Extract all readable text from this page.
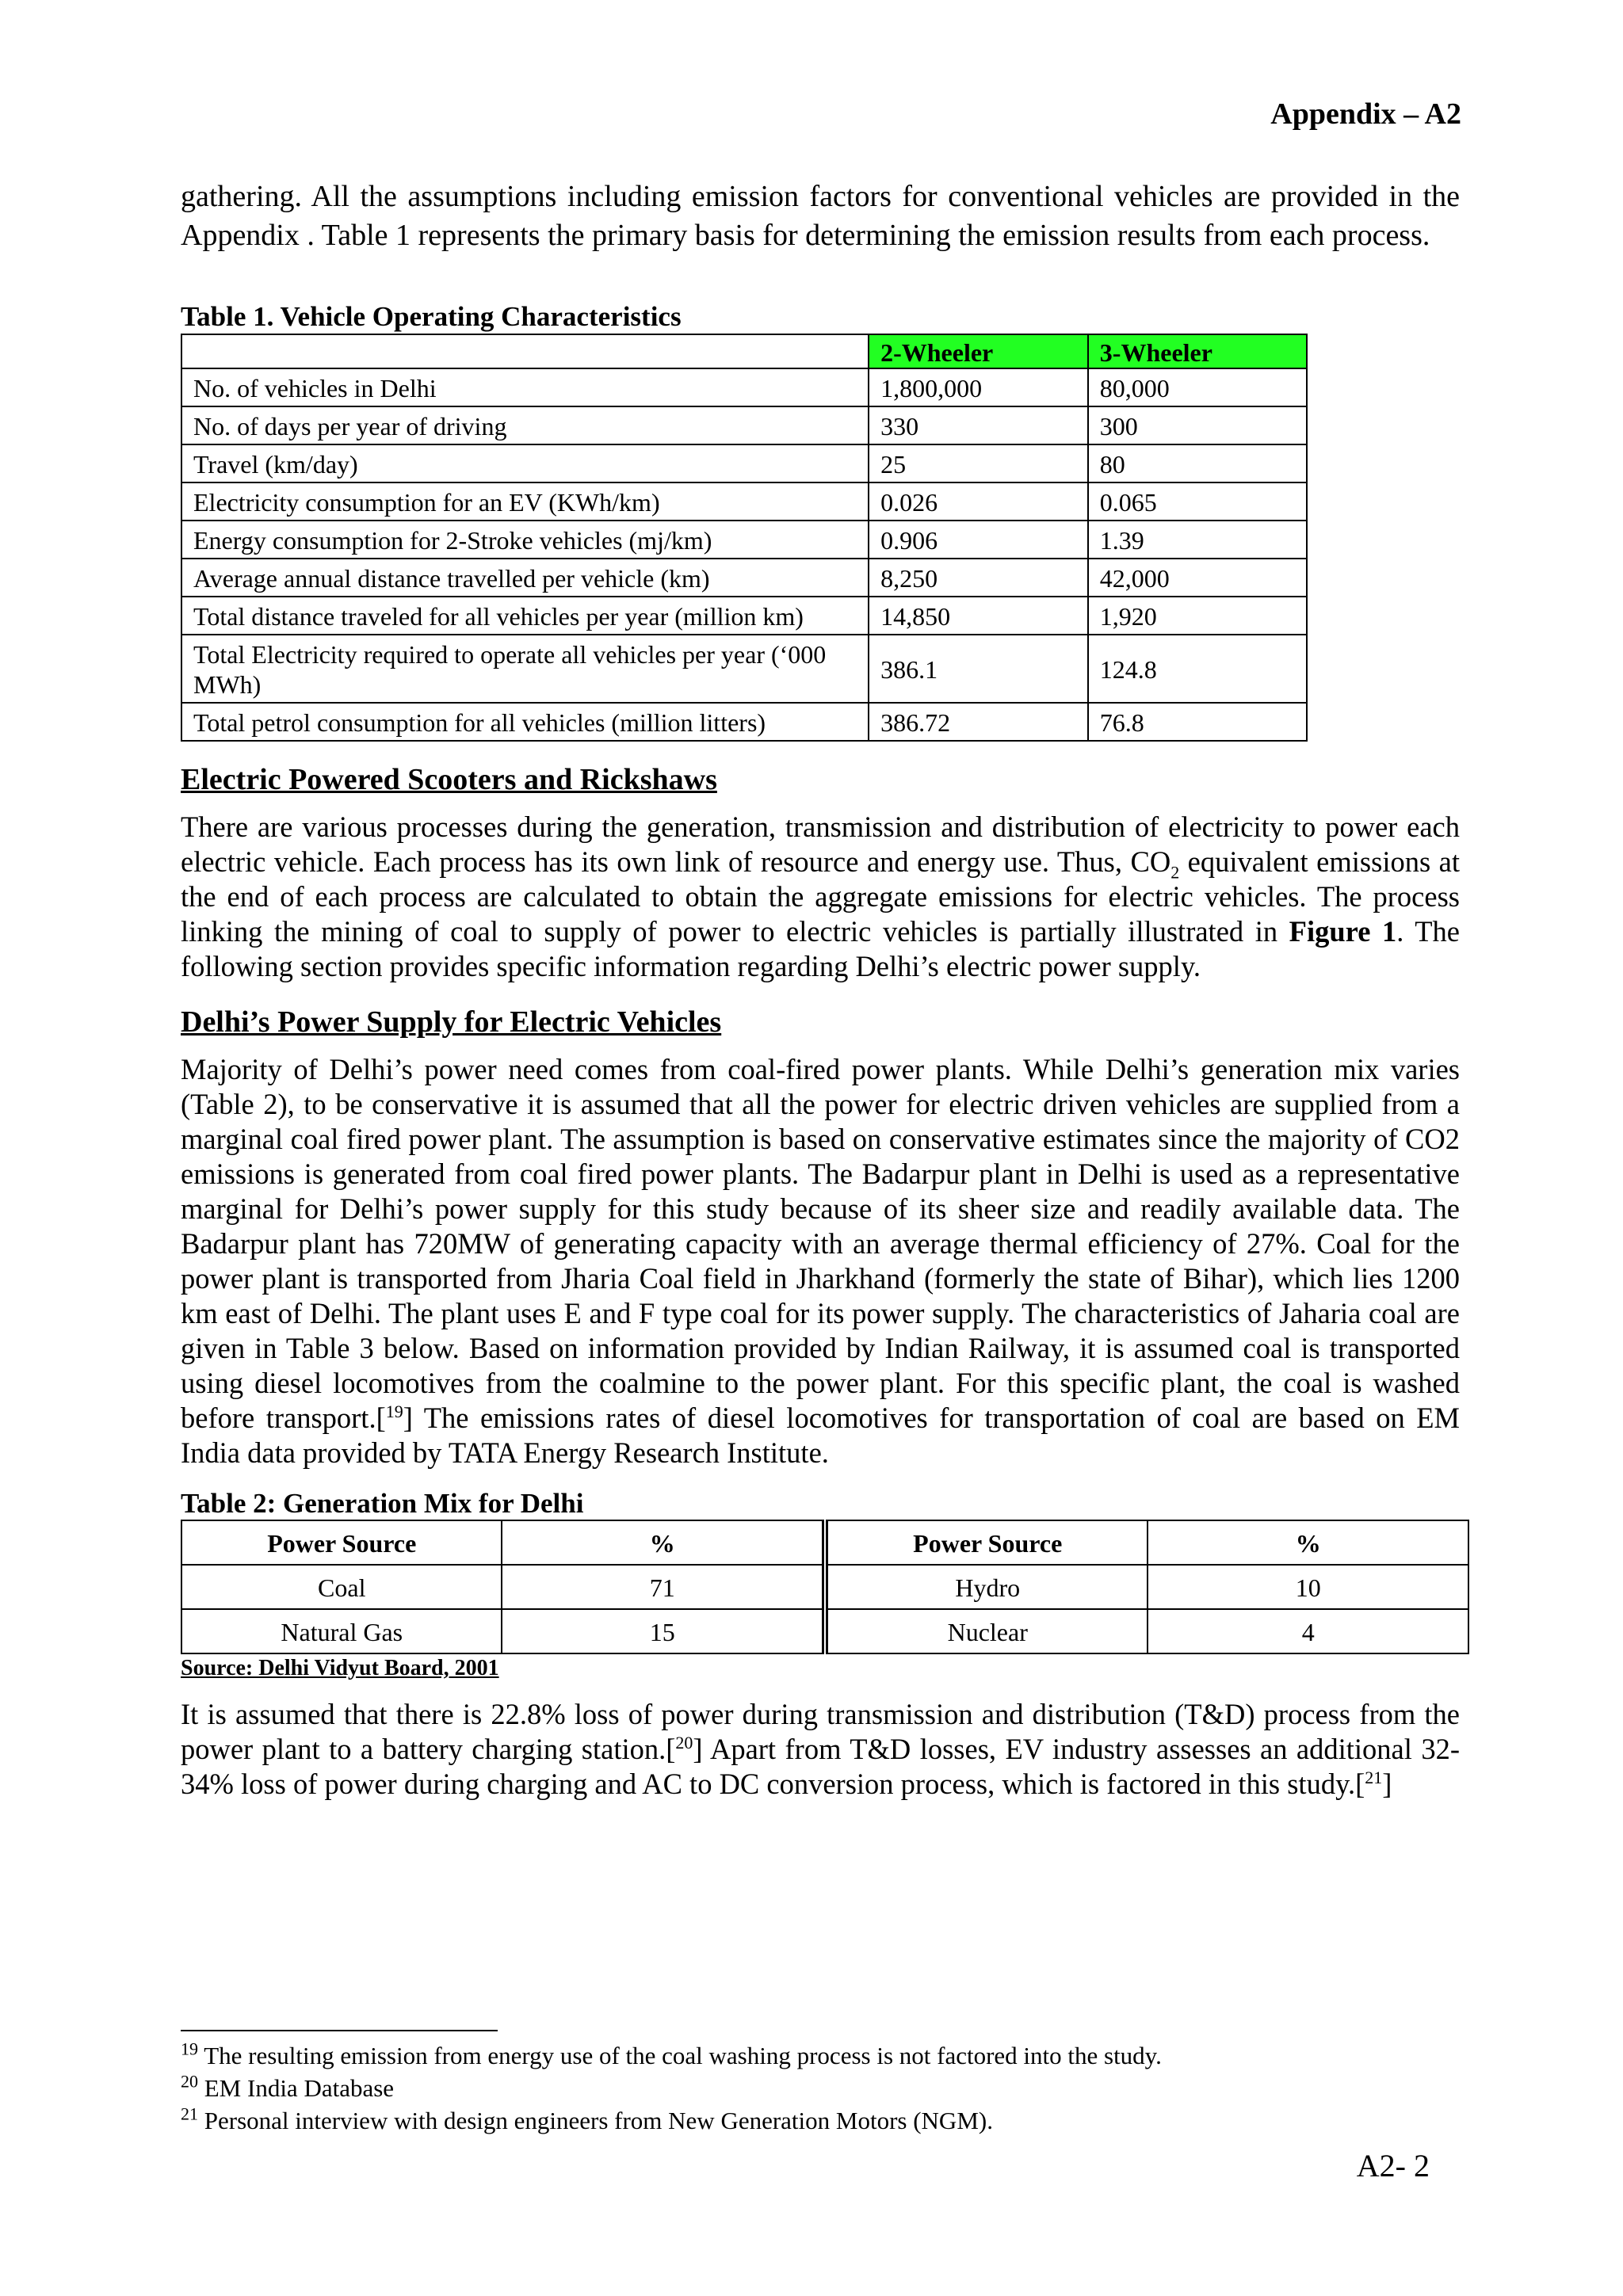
Appendix – A2

gathering. All the assumptions including emission factors for conventional vehicles are provided in the Appendix . Table 1 represents the primary basis for determining the emission results from each process.

Table 1. Vehicle Operating Characteristics
	2-Wheeler	3-Wheeler
No. of vehicles in Delhi	1,800,000	80,000
No. of days per year of driving	330	300
Travel (km/day)	25	80
Electricity consumption for an EV (KWh/km)	0.026	0.065
Energy consumption for 2-Stroke vehicles (mj/km)	0.906	1.39
Average annual distance travelled per vehicle (km)	8,250	42,000
Total distance traveled for all vehicles per year (million km)	14,850	1,920
Total Electricity required to operate all vehicles per year (‘000 MWh)	386.1	124.8
Total petrol consumption for all vehicles (million litters)	386.72	76.8
Electric Powered Scooters and Rickshaws

There are various processes during the generation, transmission and distribution of electricity to power each electric vehicle. Each process has its own link of resource and energy use. Thus, $CO_2$ equivalent emissions at the end of each process are calculated to obtain the aggregate emissions for electric vehicles. The process linking the mining of coal to supply of power to electric vehicles is partially illustrated in Figure 1. The following section provides specific information regarding Delhi’s electric power supply.

Delhi’s Power Supply for Electric Vehicles

Majority of Delhi’s power need comes from coal-fired power plants. While Delhi’s generation mix varies (Table 2), to be conservative it is assumed that all the power for electric driven vehicles are supplied from a marginal coal fired power plant. The assumption is based on conservative estimates since the majority of CO2 emissions is generated from coal fired power plants. The Badarpur plant in Delhi is used as a representative marginal for Delhi’s power supply for this study because of its sheer size and readily available data. The Badarpur plant has 720MW of generating capacity with an average thermal efficiency of 27%. Coal for the power plant is transported from Jharia Coal field in Jharkhand (formerly the state of Bihar), which lies 1200 km east of Delhi. The plant uses E and F type coal for its power supply. The characteristics of Jaharia coal are given in Table 3 below. Based on information provided by Indian Railway, it is assumed coal is transported using diesel locomotives from the coalmine to the power plant. For this specific plant, the coal is washed before transport.[$^{19}$] The emissions rates of diesel locomotives for transportation of coal are based on EM India data provided by TATA Energy Research Institute.

Table 2: Generation Mix for Delhi
Power Source	%	Power Source	%
Coal	71	Hydro	10
Natural Gas	15	Nuclear	4
Source: Delhi Vidyut Board, 2001

It is assumed that there is 22.8% loss of power during transmission and distribution (T&D) process from the power plant to a battery charging station.[$^{20}$] Apart from T&D losses, EV industry assesses an additional 32-34% loss of power during charging and AC to DC conversion process, which is factored in this study.[$^{21}$]

$^{19}$ The resulting emission from energy use of the coal washing process is not factored into the study.
$^{20}$ EM India Database
$^{21}$ Personal interview with design engineers from New Generation Motors (NGM).
A2- 2
